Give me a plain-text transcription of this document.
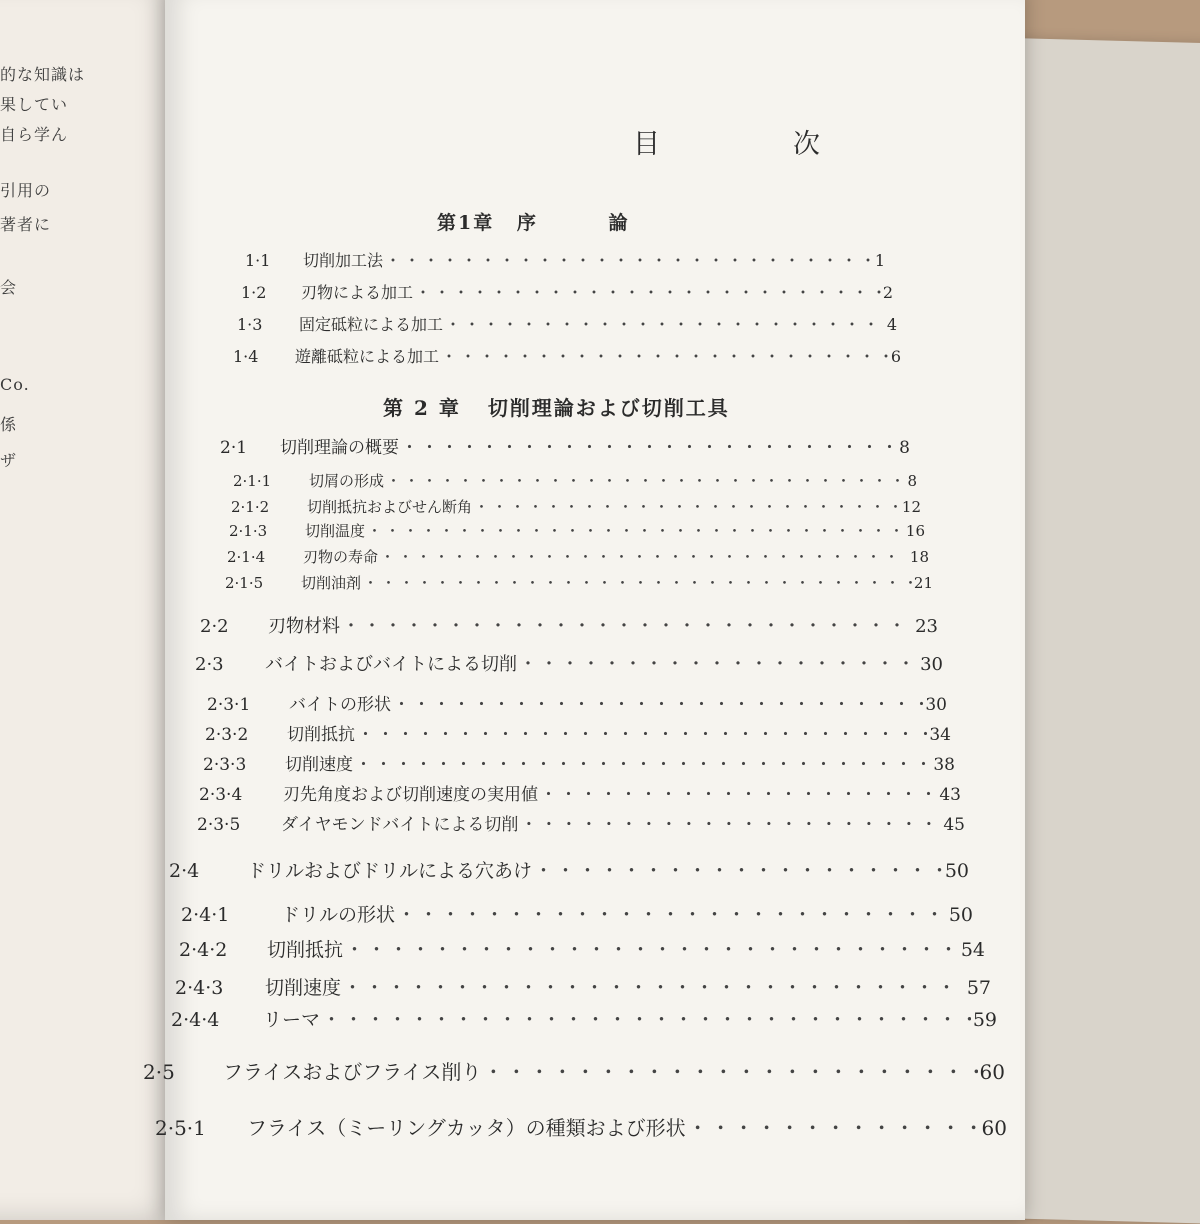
的な知識は
果してい
自ら学ん
引用の
著者に
会
Co.
係
ザ
目	次
第1章 序	論
1·1	切削加工法 ・・・・・・・・・・・・・・・・・・・・・・・・・・・・・・・・・・・・・・・・・・・・・・・・・・・・・・・・・・・・・・・・・・・・・・・・	1
1·2	刃物による加工 ・・・・・・・・・・・・・・・・・・・・・・・・・・・・・・・・・・・・・・・・・・・・・・・・・・・・・・・・・・・・・・・・・・・・・・・・	2
1·3	固定砥粒による加工 ・・・・・・・・・・・・・・・・・・・・・・・・・・・・・・・・・・・・・・・・・・・・・・・・・・・・・・・・・・・・・・・・・・・・・・・・	4
1·4	遊離砥粒による加工 ・・・・・・・・・・・・・・・・・・・・・・・・・・・・・・・・・・・・・・・・・・・・・・・・・・・・・・・・・・・・・・・・・・・・・・・・	6
第 2 章 切削理論および切削工具
2·1	切削理論の概要 ・・・・・・・・・・・・・・・・・・・・・・・・・・・・・・・・・・・・・・・・・・・・・・・・・・・・・・・・・・・・・・・・・・・・・・・・	8
2·1·1	切屑の形成 ・・・・・・・・・・・・・・・・・・・・・・・・・・・・・・・・・・・・・・・・・・・・・・・・・・・・・・・・・・・・・・・・・・・・・・・・	8
2·1·2	切削抵抗およびせん断角 ・・・・・・・・・・・・・・・・・・・・・・・・・・・・・・・・・・・・・・・・・・・・・・・・・・・・・・・・・・・・・・・・・・・・・・・・	12
2·1·3	切削温度 ・・・・・・・・・・・・・・・・・・・・・・・・・・・・・・・・・・・・・・・・・・・・・・・・・・・・・・・・・・・・・・・・・・・・・・・・	16
2·1·4	刃物の寿命 ・・・・・・・・・・・・・・・・・・・・・・・・・・・・・・・・・・・・・・・・・・・・・・・・・・・・・・・・・・・・・・・・・・・・・・・・	18
2·1·5	切削油剤 ・・・・・・・・・・・・・・・・・・・・・・・・・・・・・・・・・・・・・・・・・・・・・・・・・・・・・・・・・・・・・・・・・・・・・・・・	21
2·2	刃物材料 ・・・・・・・・・・・・・・・・・・・・・・・・・・・・・・・・・・・・・・・・・・・・・・・・・・・・・・・・・・・・・・・・・・・・・・・・	23
2·3	バイトおよびバイトによる切削 ・・・・・・・・・・・・・・・・・・・・・・・・・・・・・・・・・・・・・・・・・・・・・・・・・・・・・・・・・・・・・・・・・・・・・・・・	30
2·3·1	バイトの形状 ・・・・・・・・・・・・・・・・・・・・・・・・・・・・・・・・・・・・・・・・・・・・・・・・・・・・・・・・・・・・・・・・・・・・・・・・	30
2·3·2	切削抵抗 ・・・・・・・・・・・・・・・・・・・・・・・・・・・・・・・・・・・・・・・・・・・・・・・・・・・・・・・・・・・・・・・・・・・・・・・・	34
2·3·3	切削速度 ・・・・・・・・・・・・・・・・・・・・・・・・・・・・・・・・・・・・・・・・・・・・・・・・・・・・・・・・・・・・・・・・・・・・・・・・	38
2·3·4	刃先角度および切削速度の実用値 ・・・・・・・・・・・・・・・・・・・・・・・・・・・・・・・・・・・・・・・・・・・・・・・・・・・・・・・・・・・・・・・・・・・・・・・・	43
2·3·5	ダイヤモンドバイトによる切削 ・・・・・・・・・・・・・・・・・・・・・・・・・・・・・・・・・・・・・・・・・・・・・・・・・・・・・・・・・・・・・・・・・・・・・・・・	45
2·4	ドリルおよびドリルによる穴あけ ・・・・・・・・・・・・・・・・・・・・・・・・・・・・・・・・・・・・・・・・・・・・・・・・・・・・・・・・・・・・・・・・・・・・・・・・	50
2·4·1	ドリルの形状 ・・・・・・・・・・・・・・・・・・・・・・・・・・・・・・・・・・・・・・・・・・・・・・・・・・・・・・・・・・・・・・・・・・・・・・・・	50
2·4·2	切削抵抗 ・・・・・・・・・・・・・・・・・・・・・・・・・・・・・・・・・・・・・・・・・・・・・・・・・・・・・・・・・・・・・・・・・・・・・・・・	54
2·4·3	切削速度 ・・・・・・・・・・・・・・・・・・・・・・・・・・・・・・・・・・・・・・・・・・・・・・・・・・・・・・・・・・・・・・・・・・・・・・・・	57
2·4·4	リーマ ・・・・・・・・・・・・・・・・・・・・・・・・・・・・・・・・・・・・・・・・・・・・・・・・・・・・・・・・・・・・・・・・・・・・・・・・	59
2·5	フライスおよびフライス削り ・・・・・・・・・・・・・・・・・・・・・・・・・・・・・・・・・・・・・・・・・・・・・・・・・・・・・・・・・・・・・・・・・・・・・・・・	60
2·5·1	フライス（ミーリングカッタ）の種類および形状 ・・・・・・・・・・・・・・・・・・・・・・・・・・・・・・・・・・・・・・・・・・・・・・・・・・・・・・・・・・・・・・・・・・・・・・・・	60
